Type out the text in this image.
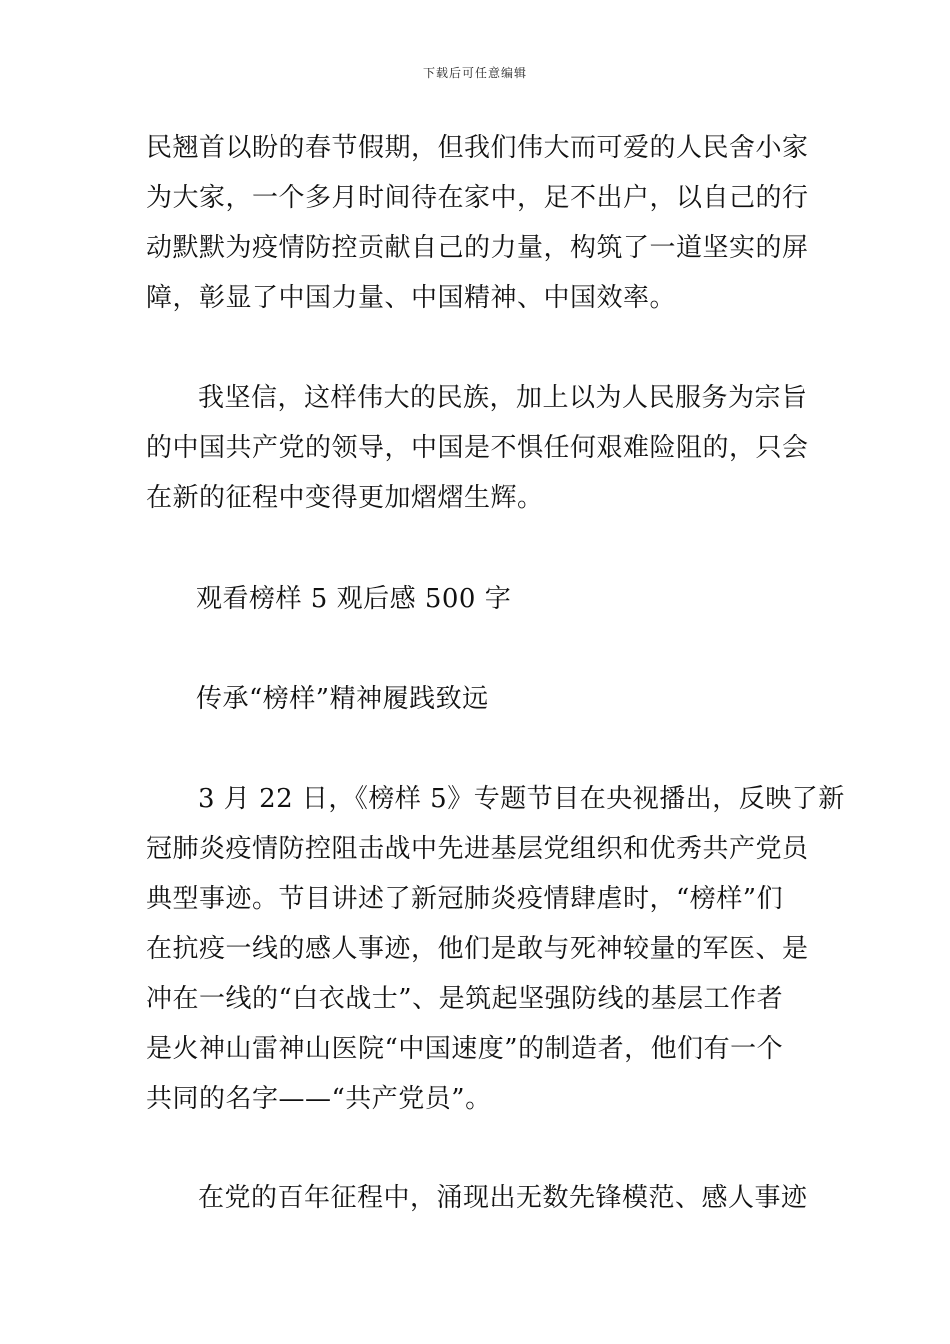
下载后可任意编辑
民翘首以盼的春节假期，但我们伟大而可爱的人民舍小家
为大家，一个多月时间待在家中，足不出户，以自己的行
动默默为疫情防控贡献自己的力量，构筑了一道坚实的屏
障，彰显了中国力量、中国精神、中国效率。
我坚信，这样伟大的民族，加上以为人民服务为宗旨
的中国共产党的领导，中国是不惧任何艰难险阻的，只会
在新的征程中变得更加熠熠生辉。
观看榜样 5 观后感 500 字
传承“榜样”精神履践致远
3 月 22 日，《榜样 5》专题节目在央视播出，反映了新
冠肺炎疫情防控阻击战中先进基层党组织和优秀共产党员
典型事迹。节目讲述了新冠肺炎疫情肆虐时，“榜样”们
在抗疫一线的感人事迹，他们是敢与死神较量的军医、是
冲在一线的“白衣战士”、是筑起坚强防线的基层工作者
是火神山雷神山医院“中国速度”的制造者，他们有一个
共同的名字——“共产党员”。
在党的百年征程中，涌现出无数先锋模范、感人事迹
